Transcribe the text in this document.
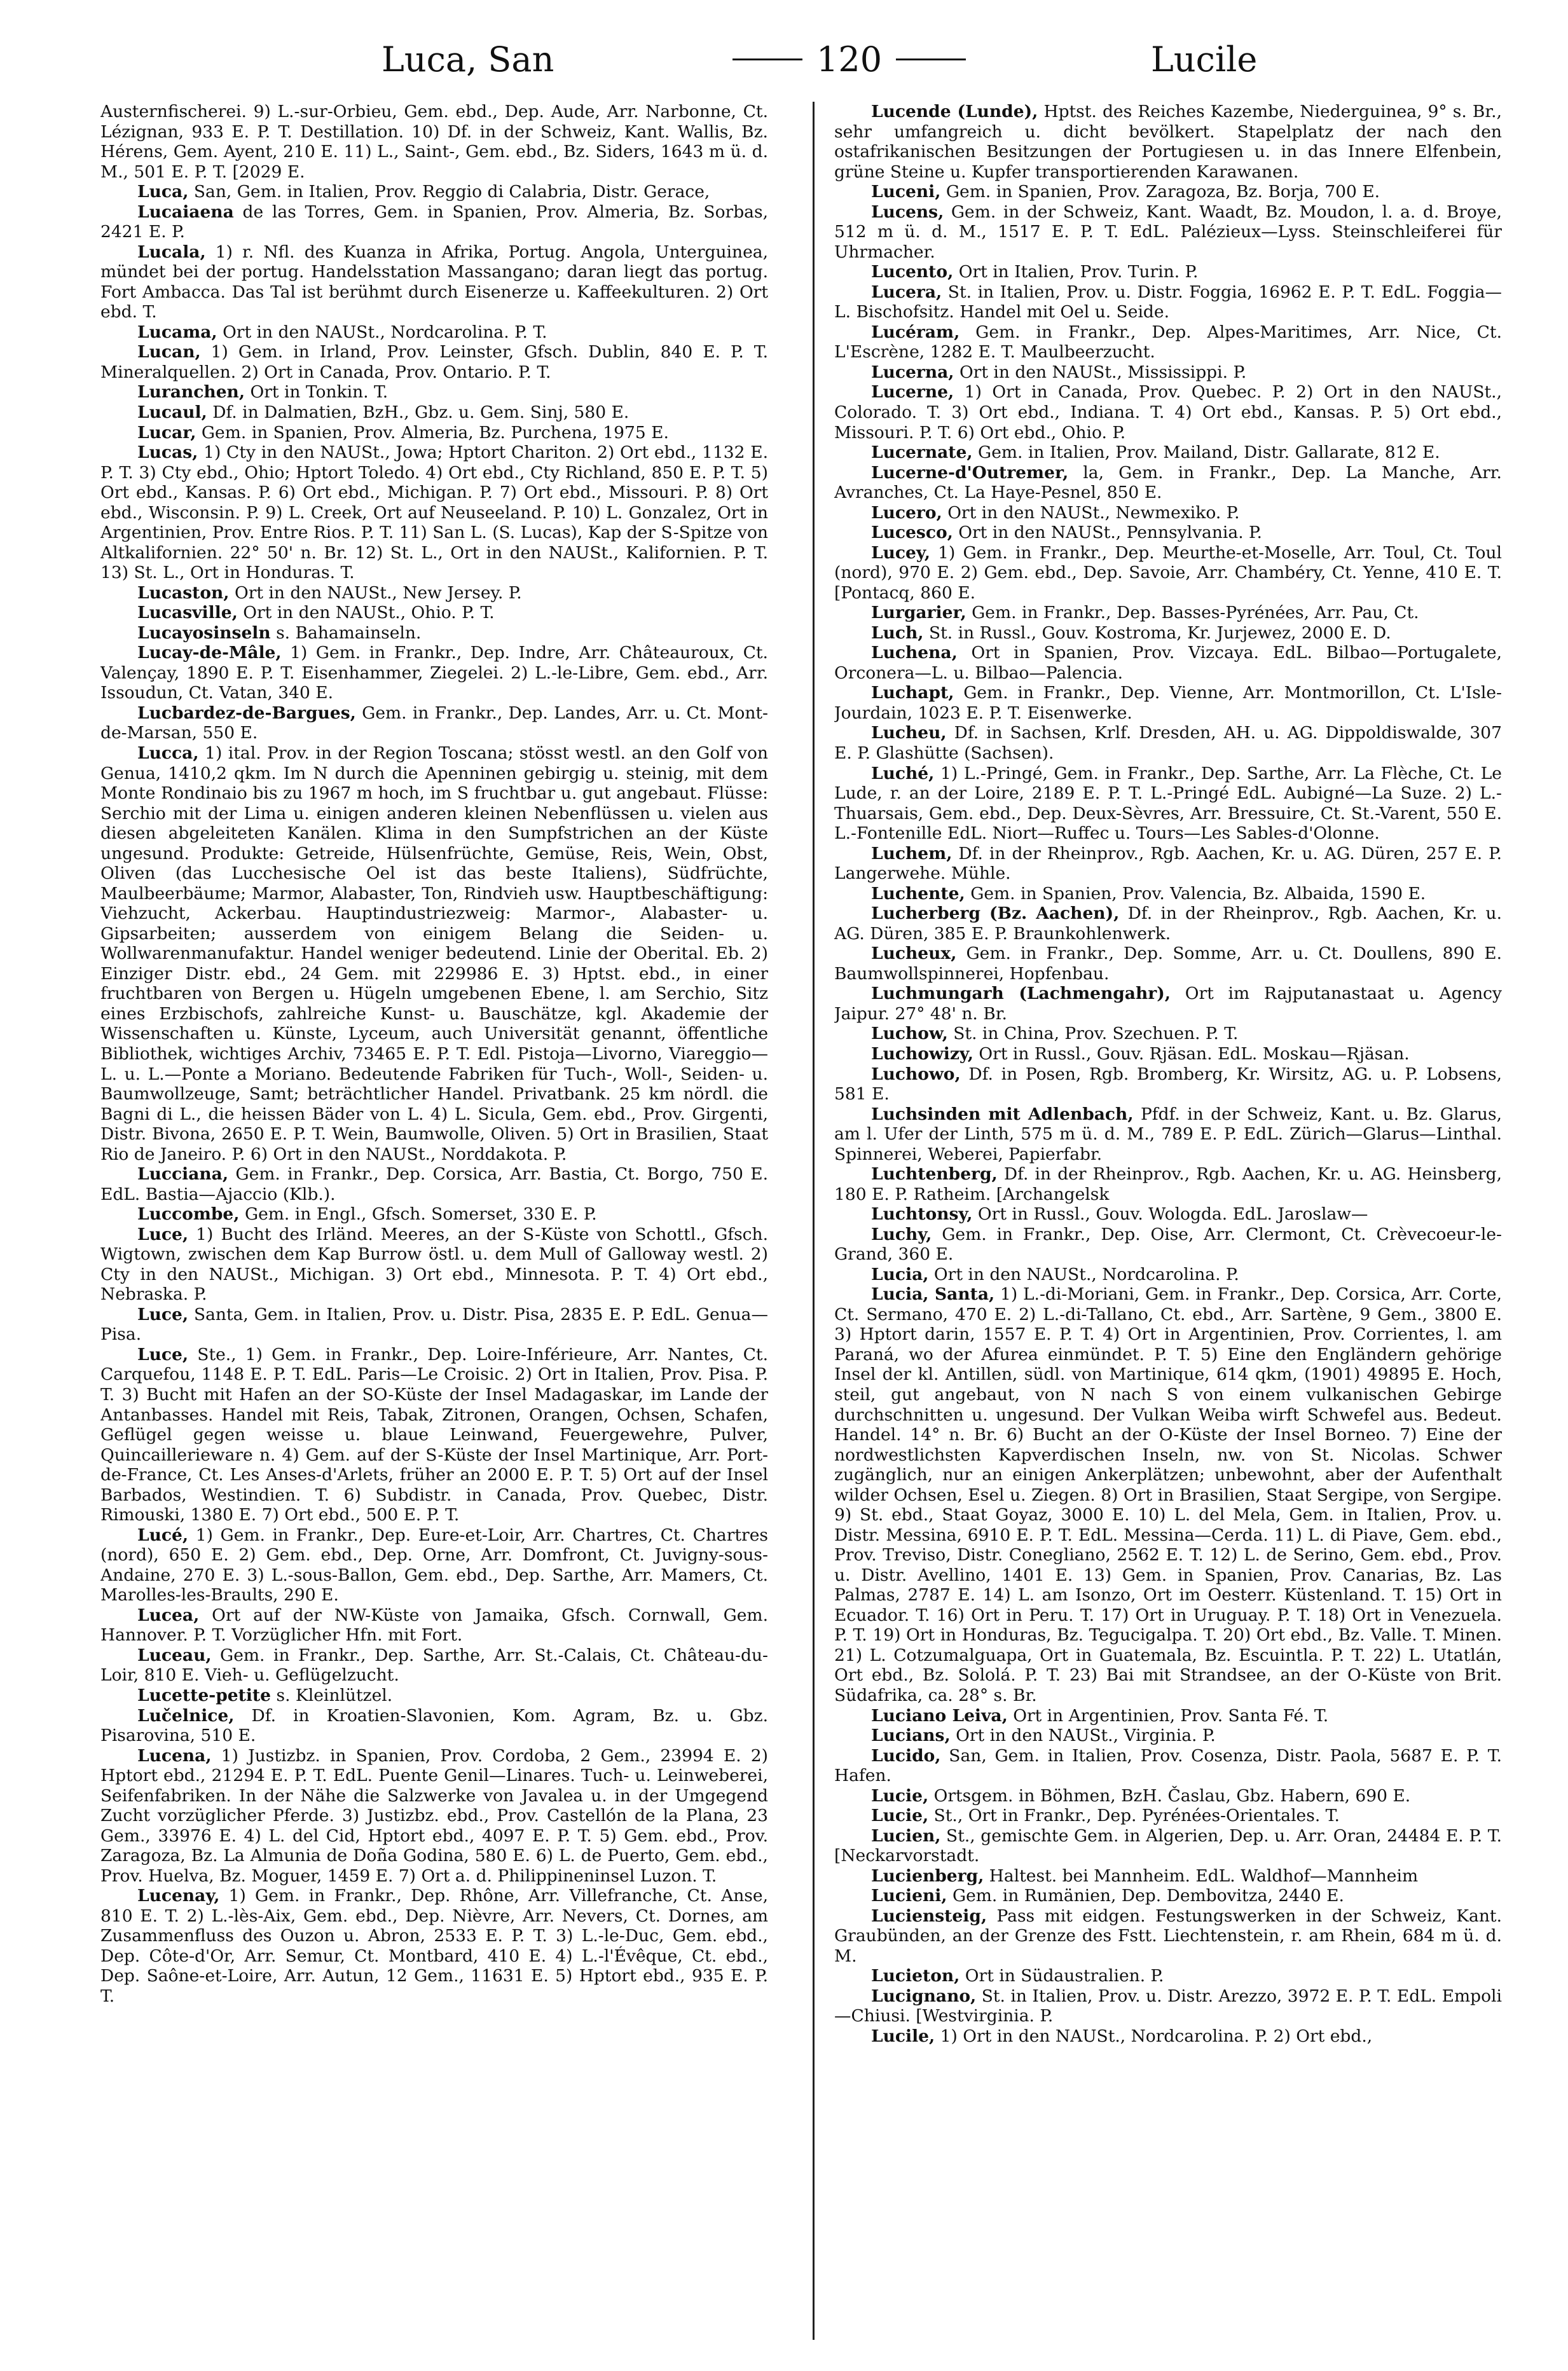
Luca, San	120	Lucile

Austernfischerei. 9) L.-sur-Orbieu, Gem. ebd., Dep. Aude, Arr. Narbonne, Ct. Lézignan, 933 E. P. T. Destillation. 10) Df. in der Schweiz, Kant. Wallis, Bz. Hérens, Gem. Ayent, 210 E. 11) L., Saint-, Gem. ebd., Bz. Siders, 1643 m ü. d. M., 501 E. P. T. [2029 E.

Luca, San, Gem. in Italien, Prov. Reggio di Calabria, Distr. Gerace,

Lucaiaena de las Torres, Gem. in Spanien, Prov. Almeria, Bz. Sorbas, 2421 E. P.

Lucala, 1) r. Nfl. des Kuanza in Afrika, Portug. Angola, Unterguinea, mündet bei der portug. Handelsstation Massangano; daran liegt das portug. Fort Ambacca. Das Tal ist berühmt durch Eisenerze u. Kaffeekulturen. 2) Ort ebd. T.

Lucama, Ort in den NAUSt., Nordcarolina. P. T.

Lucan, 1) Gem. in Irland, Prov. Leinster, Gfsch. Dublin, 840 E. P. T. Mineralquellen. 2) Ort in Canada, Prov. Ontario. P. T.

Luranchen, Ort in Tonkin. T.

Lucaul, Df. in Dalmatien, BzH., Gbz. u. Gem. Sinj, 580 E.

Lucar, Gem. in Spanien, Prov. Almeria, Bz. Purchena, 1975 E.

Lucas, 1) Cty in den NAUSt., Jowa; Hptort Chariton. 2) Ort ebd., 1132 E. P. T. 3) Cty ebd., Ohio; Hptort Toledo. 4) Ort ebd., Cty Richland, 850 E. P. T. 5) Ort ebd., Kansas. P. 6) Ort ebd., Michigan. P. 7) Ort ebd., Missouri. P. 8) Ort ebd., Wisconsin. P. 9) L. Creek, Ort auf Neuseeland. P. 10) L. Gonzalez, Ort in Argentinien, Prov. Entre Rios. P. T. 11) San L. (S. Lucas), Kap der S-Spitze von Altkalifornien. 22° 50' n. Br. 12) St. L., Ort in den NAUSt., Kalifornien. P. T. 13) St. L., Ort in Honduras. T.

Lucaston, Ort in den NAUSt., New Jersey. P.

Lucasville, Ort in den NAUSt., Ohio. P. T.

Lucayosinseln s. Bahamainseln.

Lucay-de-Mâle, 1) Gem. in Frankr., Dep. Indre, Arr. Châteauroux, Ct. Valençay, 1890 E. P. T. Eisenhammer, Ziegelei. 2) L.-le-Libre, Gem. ebd., Arr. Issoudun, Ct. Vatan, 340 E.

Lucbardez-de-Bargues, Gem. in Frankr., Dep. Landes, Arr. u. Ct. Mont-de-Marsan, 550 E.

Lucca, 1) ital. Prov. in der Region Toscana; stösst westl. an den Golf von Genua, 1410,2 qkm. Im N durch die Apenninen gebirgig u. steinig, mit dem Monte Rondinaio bis zu 1967 m hoch, im S fruchtbar u. gut angebaut. Flüsse: Serchio mit der Lima u. einigen anderen kleinen Nebenflüssen u. vielen aus diesen abgeleiteten Kanälen. Klima in den Sumpfstrichen an der Küste ungesund. Produkte: Getreide, Hülsenfrüchte, Gemüse, Reis, Wein, Obst, Oliven (das Lucchesische Oel ist das beste Italiens), Südfrüchte, Maulbeerbäume; Marmor, Alabaster, Ton, Rindvieh usw. Hauptbeschäftigung: Viehzucht, Ackerbau. Hauptindustriezweig: Marmor-, Alabaster- u. Gipsarbeiten; ausserdem von einigem Belang die Seiden- u. Wollwarenmanufaktur. Handel weniger bedeutend. Linie der Oberital. Eb. 2) Einziger Distr. ebd., 24 Gem. mit 229986 E. 3) Hptst. ebd., in einer fruchtbaren von Bergen u. Hügeln umgebenen Ebene, l. am Serchio, Sitz eines Erzbischofs, zahlreiche Kunst- u. Bauschätze, kgl. Akademie der Wissenschaften u. Künste, Lyceum, auch Universität genannt, öffentliche Bibliothek, wichtiges Archiv, 73465 E. P. T. Edl. Pistoja—Livorno, Viareggio—L. u. L.—Ponte a Moriano. Bedeutende Fabriken für Tuch-, Woll-, Seiden- u. Baumwollzeuge, Samt; beträchtlicher Handel. Privatbank. 25 km nördl. die Bagni di L., die heissen Bäder von L. 4) L. Sicula, Gem. ebd., Prov. Girgenti, Distr. Bivona, 2650 E. P. T. Wein, Baumwolle, Oliven. 5) Ort in Brasilien, Staat Rio de Janeiro. P. 6) Ort in den NAUSt., Norddakota. P.

Lucciana, Gem. in Frankr., Dep. Corsica, Arr. Bastia, Ct. Borgo, 750 E. EdL. Bastia—Ajaccio (Klb.).

Luccombe, Gem. in Engl., Gfsch. Somerset, 330 E. P.

Luce, 1) Bucht des Irländ. Meeres, an der S-Küste von Schottl., Gfsch. Wigtown, zwischen dem Kap Burrow östl. u. dem Mull of Galloway westl. 2) Cty in den NAUSt., Michigan. 3) Ort ebd., Minnesota. P. T. 4) Ort ebd., Nebraska. P.

Luce, Santa, Gem. in Italien, Prov. u. Distr. Pisa, 2835 E. P. EdL. Genua—Pisa.

Luce, Ste., 1) Gem. in Frankr., Dep. Loire-Inférieure, Arr. Nantes, Ct. Carquefou, 1148 E. P. T. EdL. Paris—Le Croisic. 2) Ort in Italien, Prov. Pisa. P. T. 3) Bucht mit Hafen an der SO-Küste der Insel Madagaskar, im Lande der Antanbasses. Handel mit Reis, Tabak, Zitronen, Orangen, Ochsen, Schafen, Geflügel gegen weisse u. blaue Leinwand, Feuergewehre, Pulver, Quincaillerieware n. 4) Gem. auf der S-Küste der Insel Martinique, Arr. Port-de-France, Ct. Les Anses-d'Arlets, früher an 2000 E. P. T. 5) Ort auf der Insel Barbados, Westindien. T. 6) Subdistr. in Canada, Prov. Quebec, Distr. Rimouski, 1380 E. 7) Ort ebd., 500 E. P. T.

Lucé, 1) Gem. in Frankr., Dep. Eure-et-Loir, Arr. Chartres, Ct. Chartres (nord), 650 E. 2) Gem. ebd., Dep. Orne, Arr. Domfront, Ct. Juvigny-sous-Andaine, 270 E. 3) L.-sous-Ballon, Gem. ebd., Dep. Sarthe, Arr. Mamers, Ct. Marolles-les-Braults, 290 E.

Lucea, Ort auf der NW-Küste von Jamaika, Gfsch. Cornwall, Gem. Hannover. P. T. Vorzüglicher Hfn. mit Fort.

Luceau, Gem. in Frankr., Dep. Sarthe, Arr. St.-Calais, Ct. Château-du-Loir, 810 E. Vieh- u. Geflügelzucht.

Lucette-petite s. Kleinlützel.

Lučelnice, Df. in Kroatien-Slavonien, Kom. Agram, Bz. u. Gbz. Pisarovina, 510 E.

Lucena, 1) Justizbz. in Spanien, Prov. Cordoba, 2 Gem., 23994 E. 2) Hptort ebd., 21294 E. P. T. EdL. Puente Genil—Linares. Tuch- u. Leinweberei, Seifenfabriken. In der Nähe die Salzwerke von Javalea u. in der Umgegend Zucht vorzüglicher Pferde. 3) Justizbz. ebd., Prov. Castellón de la Plana, 23 Gem., 33976 E. 4) L. del Cid, Hptort ebd., 4097 E. P. T. 5) Gem. ebd., Prov. Zaragoza, Bz. La Almunia de Doña Godina, 580 E. 6) L. de Puerto, Gem. ebd., Prov. Huelva, Bz. Moguer, 1459 E. 7) Ort a. d. Philippineninsel Luzon. T.

Lucenay, 1) Gem. in Frankr., Dep. Rhône, Arr. Villefranche, Ct. Anse, 810 E. T. 2) L.-lès-Aix, Gem. ebd., Dep. Nièvre, Arr. Nevers, Ct. Dornes, am Zusammenfluss des Ouzon u. Abron, 2533 E. P. T. 3) L.-le-Duc, Gem. ebd., Dep. Côte-d'Or, Arr. Semur, Ct. Montbard, 410 E. 4) L.-l'Évêque, Ct. ebd., Dep. Saône-et-Loire, Arr. Autun, 12 Gem., 11631 E. 5) Hptort ebd., 935 E. P. T.

Lucende (Lunde), Hptst. des Reiches Kazembe, Niederguinea, 9° s. Br., sehr umfangreich u. dicht bevölkert. Stapelplatz der nach den ostafrikanischen Besitzungen der Portugiesen u. in das Innere Elfenbein, grüne Steine u. Kupfer transportierenden Karawanen.

Luceni, Gem. in Spanien, Prov. Zaragoza, Bz. Borja, 700 E.

Lucens, Gem. in der Schweiz, Kant. Waadt, Bz. Moudon, l. a. d. Broye, 512 m ü. d. M., 1517 E. P. T. EdL. Palézieux—Lyss. Steinschleiferei für Uhrmacher.

Lucento, Ort in Italien, Prov. Turin. P.

Lucera, St. in Italien, Prov. u. Distr. Foggia, 16962 E. P. T. EdL. Foggia—L. Bischofsitz. Handel mit Oel u. Seide.

Lucéram, Gem. in Frankr., Dep. Alpes-Maritimes, Arr. Nice, Ct. L'Escrène, 1282 E. T. Maulbeerzucht.

Lucerna, Ort in den NAUSt., Mississippi. P.

Lucerne, 1) Ort in Canada, Prov. Quebec. P. 2) Ort in den NAUSt., Colorado. T. 3) Ort ebd., Indiana. T. 4) Ort ebd., Kansas. P. 5) Ort ebd., Missouri. P. T. 6) Ort ebd., Ohio. P.

Lucernate, Gem. in Italien, Prov. Mailand, Distr. Gallarate, 812 E.

Lucerne-d'Outremer, la, Gem. in Frankr., Dep. La Manche, Arr. Avranches, Ct. La Haye-Pesnel, 850 E.

Lucero, Ort in den NAUSt., Newmexiko. P.

Lucesco, Ort in den NAUSt., Pennsylvania. P.

Lucey, 1) Gem. in Frankr., Dep. Meurthe-et-Moselle, Arr. Toul, Ct. Toul (nord), 970 E. 2) Gem. ebd., Dep. Savoie, Arr. Chambéry, Ct. Yenne, 410 E. T. [Pontacq, 860 E.

Lurgarier, Gem. in Frankr., Dep. Basses-Pyrénées, Arr. Pau, Ct.

Luch, St. in Russl., Gouv. Kostroma, Kr. Jurjewez, 2000 E. D.

Luchena, Ort in Spanien, Prov. Vizcaya. EdL. Bilbao—Portugalete, Orconera—L. u. Bilbao—Palencia.

Luchapt, Gem. in Frankr., Dep. Vienne, Arr. Montmorillon, Ct. L'Isle-Jourdain, 1023 E. P. T. Eisenwerke.

Lucheu, Df. in Sachsen, Krlf. Dresden, AH. u. AG. Dippoldiswalde, 307 E. P. Glashütte (Sachsen).

Luché, 1) L.-Pringé, Gem. in Frankr., Dep. Sarthe, Arr. La Flèche, Ct. Le Lude, r. an der Loire, 2189 E. P. T. L.-Pringé EdL. Aubigné—La Suze. 2) L.-Thuarsais, Gem. ebd., Dep. Deux-Sèvres, Arr. Bressuire, Ct. St.-Varent, 550 E. L.-Fontenille EdL. Niort—Ruffec u. Tours—Les Sables-d'Olonne.

Luchem, Df. in der Rheinprov., Rgb. Aachen, Kr. u. AG. Düren, 257 E. P. Langerwehe. Mühle.

Luchente, Gem. in Spanien, Prov. Valencia, Bz. Albaida, 1590 E.

Lucherberg (Bz. Aachen), Df. in der Rheinprov., Rgb. Aachen, Kr. u. AG. Düren, 385 E. P. Braunkohlenwerk.

Lucheux, Gem. in Frankr., Dep. Somme, Arr. u. Ct. Doullens, 890 E. Baumwollspinnerei, Hopfenbau.

Luchmungarh (Lachmengahr), Ort im Rajputanastaat u. Agency Jaipur. 27° 48' n. Br.

Luchow, St. in China, Prov. Szechuen. P. T.

Luchowizy, Ort in Russl., Gouv. Rjäsan. EdL. Moskau—Rjäsan.

Luchowo, Df. in Posen, Rgb. Bromberg, Kr. Wirsitz, AG. u. P. Lobsens, 581 E.

Luchsinden mit Adlenbach, Pfdf. in der Schweiz, Kant. u. Bz. Glarus, am l. Ufer der Linth, 575 m ü. d. M., 789 E. P. EdL. Zürich—Glarus—Linthal. Spinnerei, Weberei, Papierfabr.

Luchtenberg, Df. in der Rheinprov., Rgb. Aachen, Kr. u. AG. Heinsberg, 180 E. P. Ratheim. [Archangelsk

Luchtonsy, Ort in Russl., Gouv. Wologda. EdL. Jaroslaw—

Luchy, Gem. in Frankr., Dep. Oise, Arr. Clermont, Ct. Crèvecoeur-le-Grand, 360 E.

Lucia, Ort in den NAUSt., Nordcarolina. P.

Lucia, Santa, 1) L.-di-Moriani, Gem. in Frankr., Dep. Corsica, Arr. Corte, Ct. Sermano, 470 E. 2) L.-di-Tallano, Ct. ebd., Arr. Sartène, 9 Gem., 3800 E. 3) Hptort darin, 1557 E. P. T. 4) Ort in Argentinien, Prov. Corrientes, l. am Paraná, wo der Afurea einmündet. P. T. 5) Eine den Engländern gehörige Insel der kl. Antillen, südl. von Martinique, 614 qkm, (1901) 49895 E. Hoch, steil, gut angebaut, von N nach S von einem vulkanischen Gebirge durchschnitten u. ungesund. Der Vulkan Weiba wirft Schwefel aus. Bedeut. Handel. 14° n. Br. 6) Bucht an der O-Küste der Insel Borneo. 7) Eine der nordwestlichsten Kapverdischen Inseln, nw. von St. Nicolas. Schwer zugänglich, nur an einigen Ankerplätzen; unbewohnt, aber der Aufenthalt wilder Ochsen, Esel u. Ziegen. 8) Ort in Brasilien, Staat Sergipe, von Sergipe. 9) St. ebd., Staat Goyaz, 3000 E. 10) L. del Mela, Gem. in Italien, Prov. u. Distr. Messina, 6910 E. P. T. EdL. Messina—Cerda. 11) L. di Piave, Gem. ebd., Prov. Treviso, Distr. Conegliano, 2562 E. T. 12) L. de Serino, Gem. ebd., Prov. u. Distr. Avellino, 1401 E. 13) Gem. in Spanien, Prov. Canarias, Bz. Las Palmas, 2787 E. 14) L. am Isonzo, Ort im Oesterr. Küstenland. T. 15) Ort in Ecuador. T. 16) Ort in Peru. T. 17) Ort in Uruguay. P. T. 18) Ort in Venezuela. P. T. 19) Ort in Honduras, Bz. Tegucigalpa. T. 20) Ort ebd., Bz. Valle. T. Minen. 21) L. Cotzumalguapa, Ort in Guatemala, Bz. Escuintla. P. T. 22) L. Utatlán, Ort ebd., Bz. Sololá. P. T. 23) Bai mit Strandsee, an der O-Küste von Brit. Südafrika, ca. 28° s. Br.

Luciano Leiva, Ort in Argentinien, Prov. Santa Fé. T.

Lucians, Ort in den NAUSt., Virginia. P.

Lucido, San, Gem. in Italien, Prov. Cosenza, Distr. Paola, 5687 E. P. T. Hafen.

Lucie, Ortsgem. in Böhmen, BzH. Časlau, Gbz. Habern, 690 E.

Lucie, St., Ort in Frankr., Dep. Pyrénées-Orientales. T.

Lucien, St., gemischte Gem. in Algerien, Dep. u. Arr. Oran, 24484 E. P. T. [Neckarvorstadt.

Lucienberg, Haltest. bei Mannheim. EdL. Waldhof—Mannheim

Lucieni, Gem. in Rumänien, Dep. Dembovitza, 2440 E.

Luciensteig, Pass mit eidgen. Festungswerken in der Schweiz, Kant. Graubünden, an der Grenze des Fstt. Liechtenstein, r. am Rhein, 684 m ü. d. M.

Lucieton, Ort in Südaustralien. P.

Lucignano, St. in Italien, Prov. u. Distr. Arezzo, 3972 E. P. T. EdL. Empoli—Chiusi. [Westvirginia. P.

Lucile, 1) Ort in den NAUSt., Nordcarolina. P. 2) Ort ebd.,
